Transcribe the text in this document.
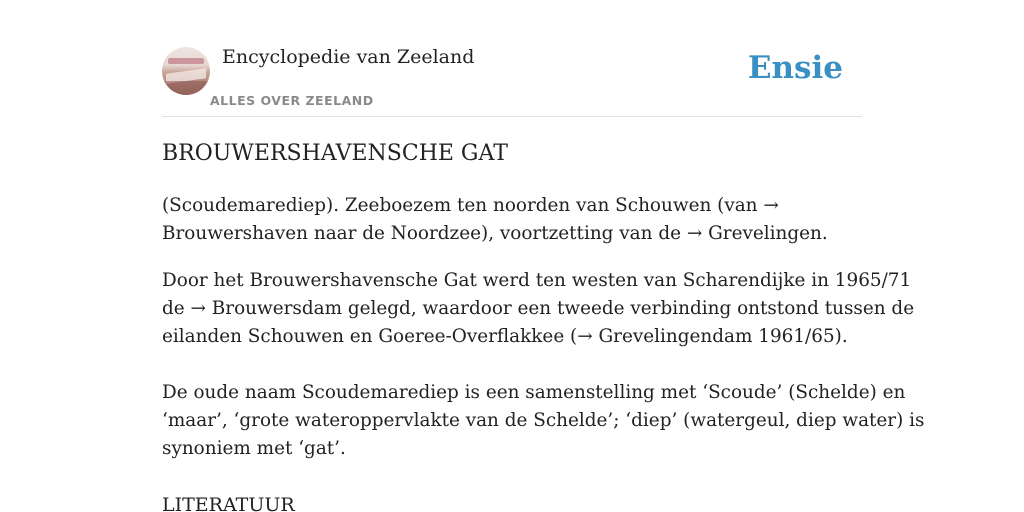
Encyclopedie van Zeeland
ALLES OVER ZEELAND
Ensie
BROUWERSHAVENSCHE GAT

(Scoudemarediep). Zeeboezem ten noorden van Schouwen (van →
Brouwershaven naar de Noordzee), voortzetting van de → Grevelingen.

Door het Brouwershavensche Gat werd ten westen van Scharendijke in 1965/71
de → Brouwersdam gelegd, waardoor een tweede verbinding ontstond tussen de
eilanden Schouwen en Goeree-Overflakkee (→ Grevelingendam 1961/65).

De oude naam Scoudemarediep is een samenstelling met ‘Scoude’ (Schelde) en
‘maar’, ‘grote wateroppervlakte van de Schelde’; ‘diep’ (watergeul, diep water) is
synoniem met ‘gat’.

LITERATUUR
